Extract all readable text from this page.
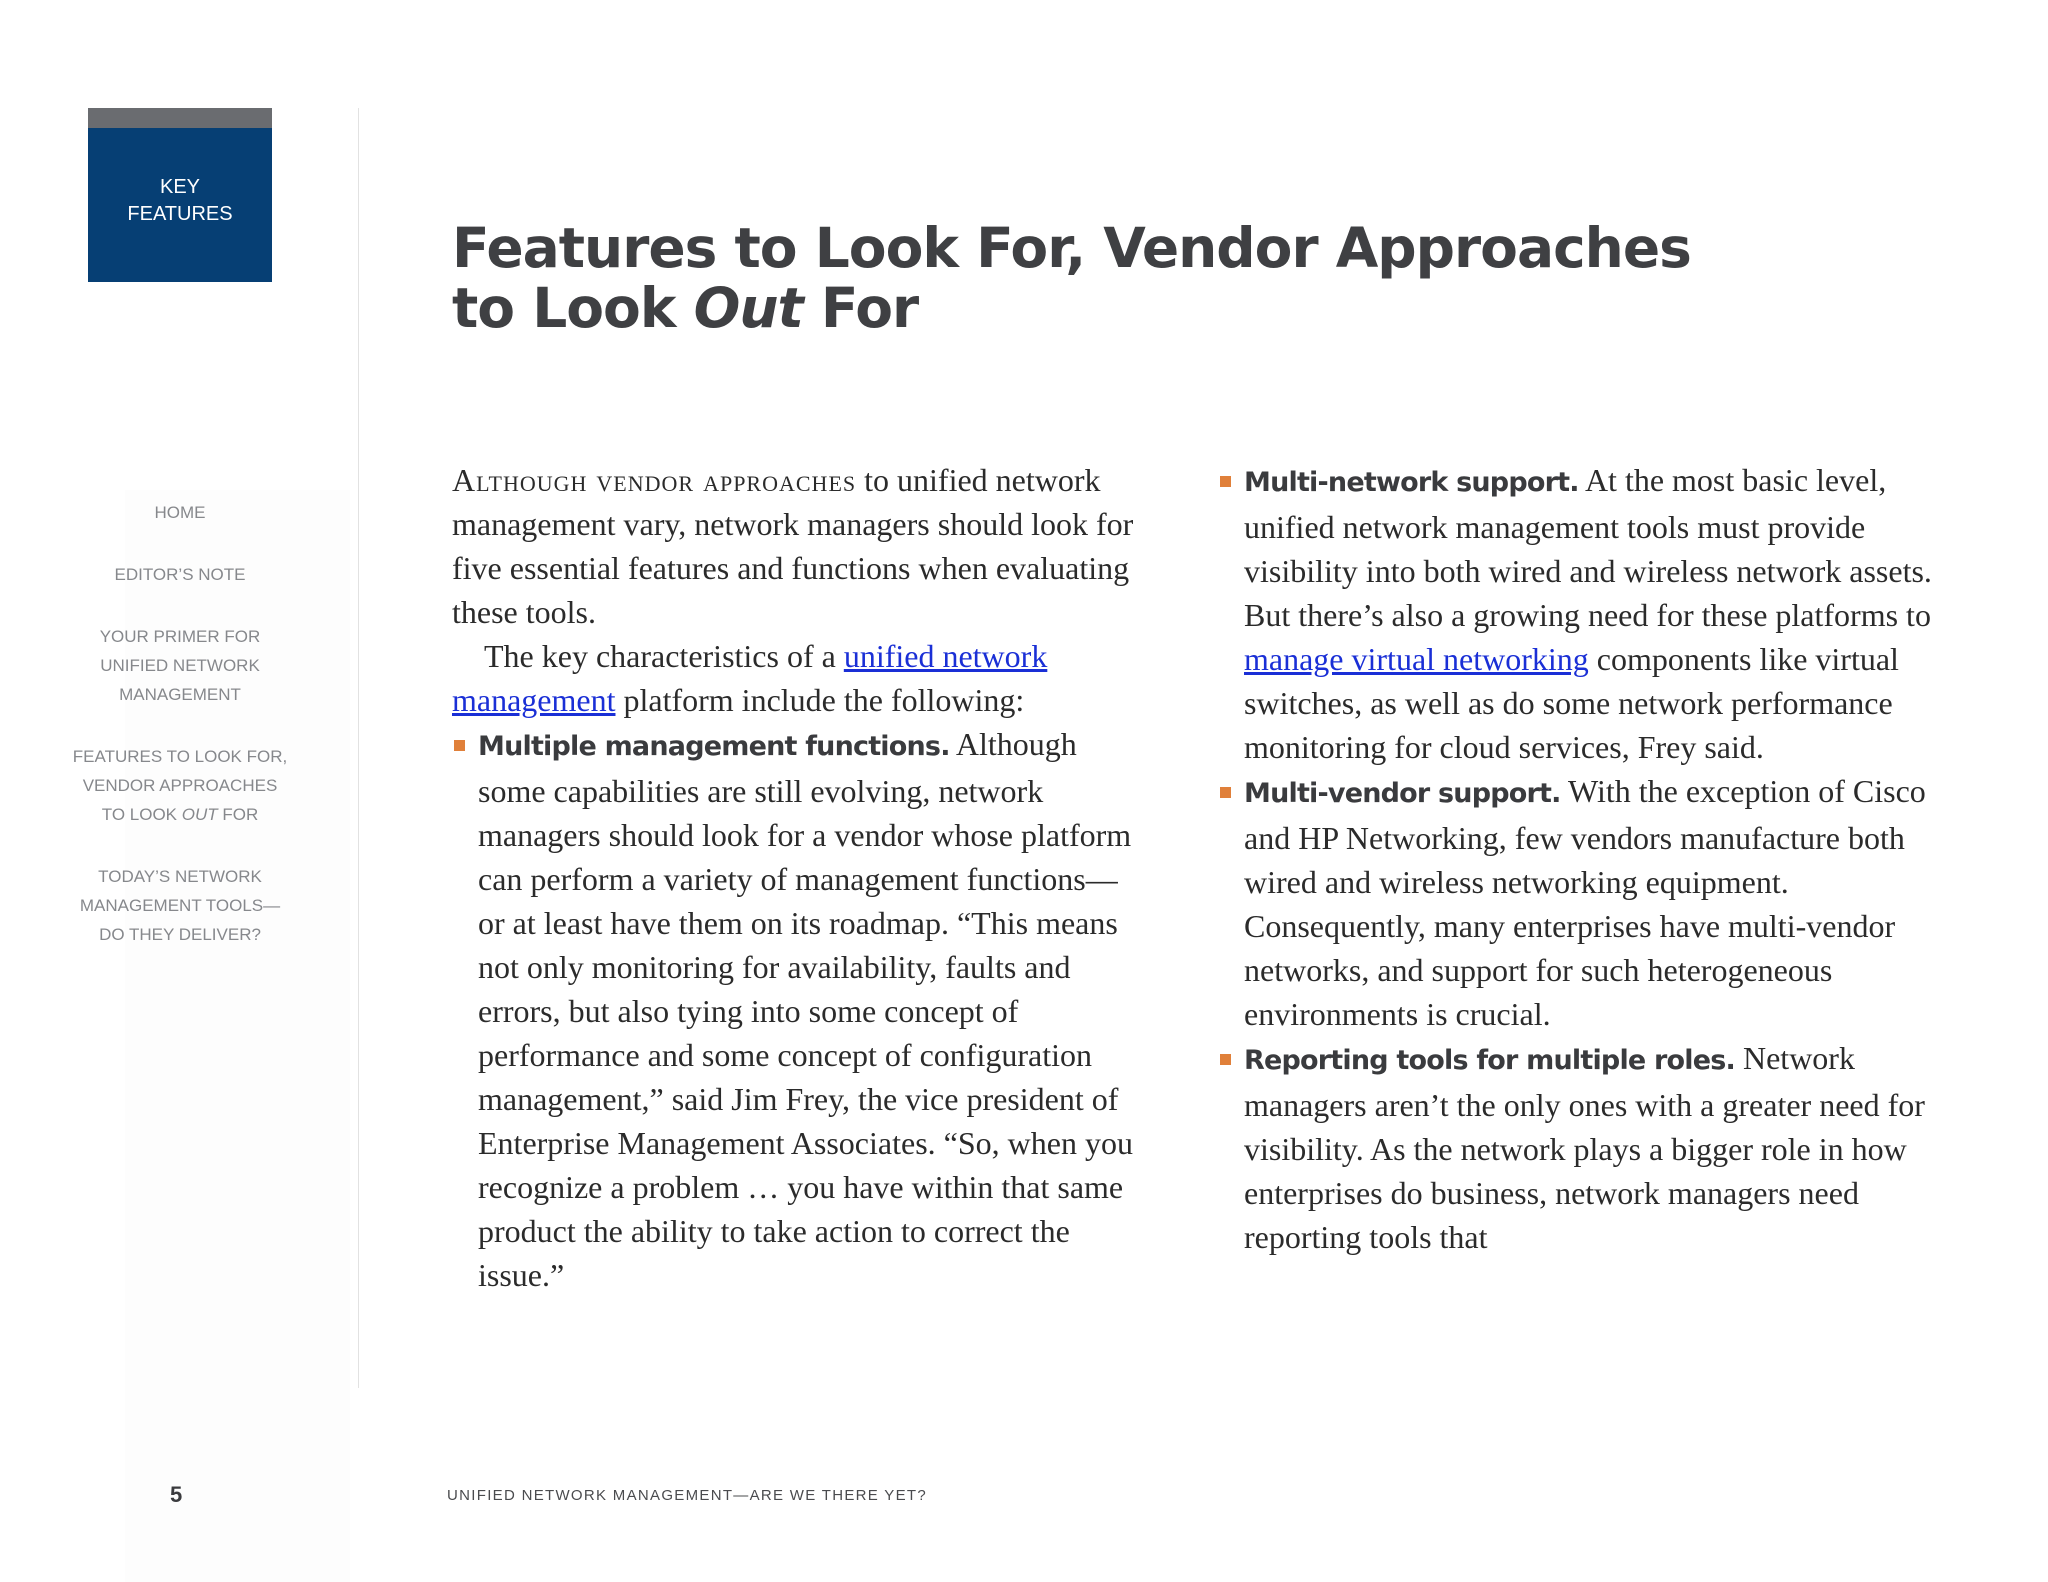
KEY
FEATURES
HOME
EDITOR’S NOTE
YOUR PRIMER FOR
UNIFIED NETWORK
MANAGEMENT
FEATURES TO LOOK FOR,
VENDOR APPROACHES
TO LOOK OUT FOR
TODAY’S NETWORK
MANAGEMENT TOOLS—
DO THEY DELIVER?
Features to Look For, Vendor Approaches
to Look Out For

Although vendor approaches to unified network management vary, network managers should look for five essential features and functions when evaluating these tools.

The key characteristics of a unified network management platform include the following:

Multiple management functions. Although some capabilities are still evolving, network managers should look for a vendor whose platform can perform a variety of management functions—or at least have them on its roadmap. “This means not only monitoring for availability, faults and errors, but also tying into some concept of performance and some concept of configuration management,” said Jim Frey, the vice president of Enterprise Management Associates. “So, when you recognize a problem … you have within that same product the ability to take action to correct the issue.”

Multi-network support. At the most basic level, unified network management tools must provide visibility into both wired and wireless network assets. But there’s also a growing need for these platforms to manage virtual networking components like virtual switches, as well as do some network performance monitoring for cloud services, Frey said.

Multi-vendor support. With the exception of Cisco and HP Networking, few vendors manufacture both wired and wireless networking equipment. Consequently, many enterprises have multi-vendor networks, and support for such heterogeneous environments is crucial.

Reporting tools for multiple roles. Network managers aren’t the only ones with a greater need for visibility. As the network plays a bigger role in how enterprises do business, network managers need reporting tools that

5	UNIFIED NETWORK MANAGEMENT—ARE WE THERE YET?
